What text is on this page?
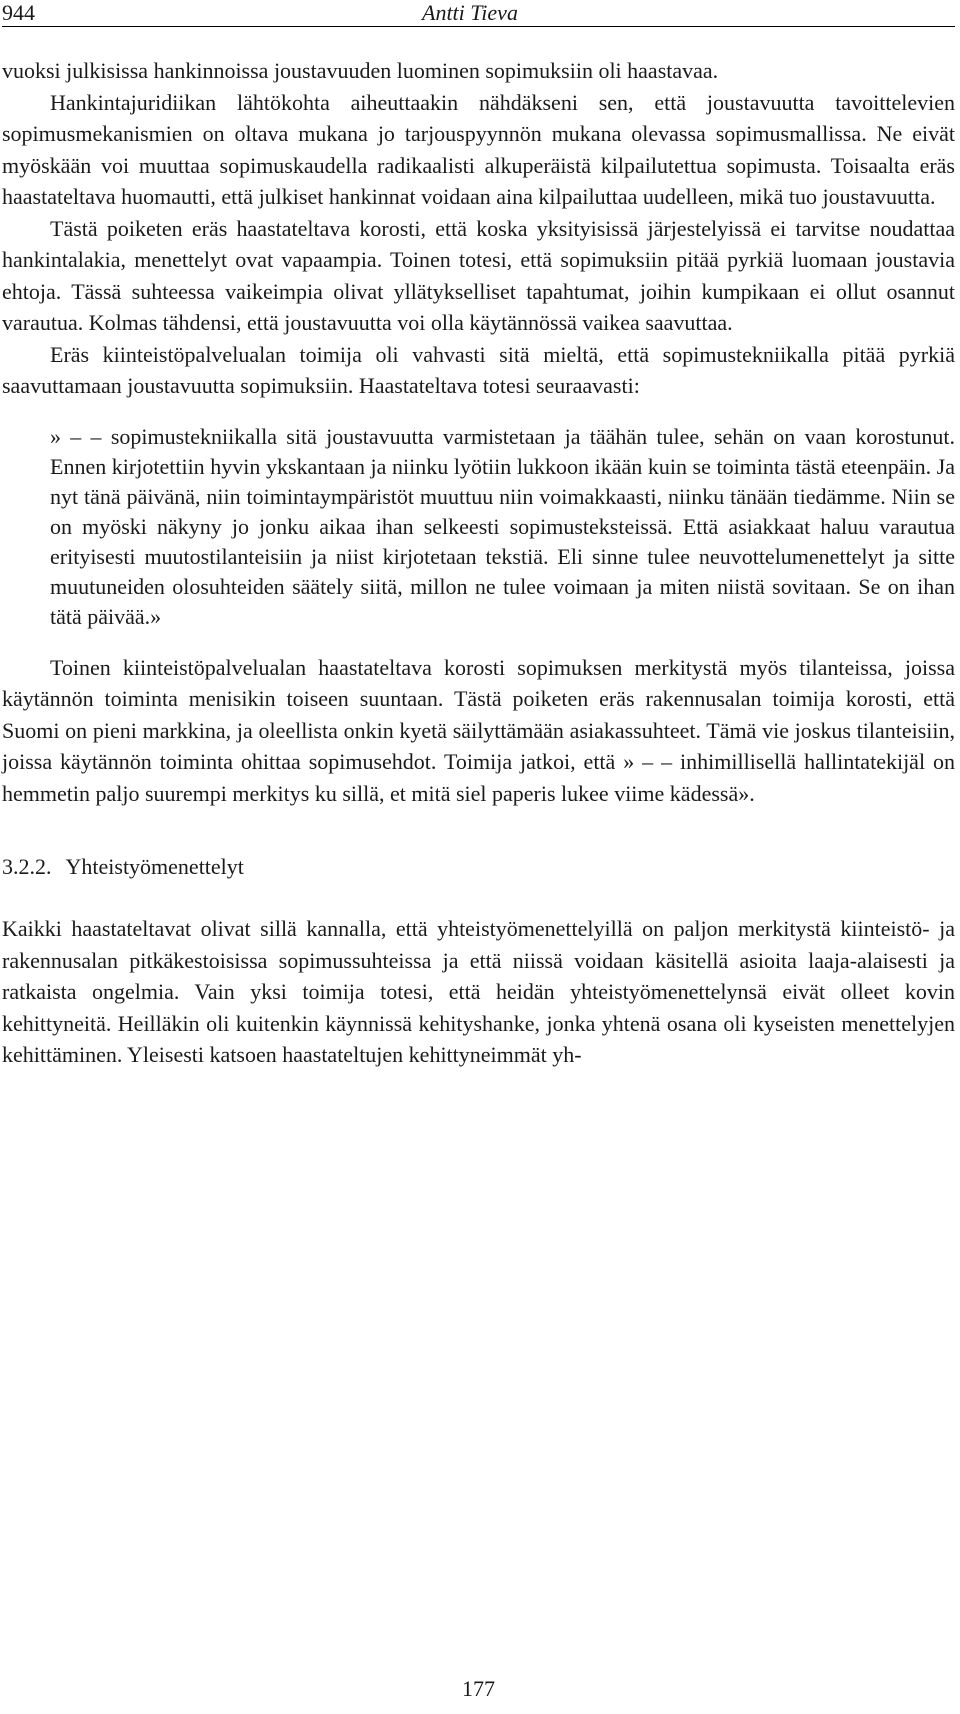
944	Antti Tieva

vuoksi julkisissa hankinnoissa joustavuuden luominen sopimuksiin oli haastavaa.

Hankintajuridiikan lähtökohta aiheuttaakin nähdäkseni sen, että joustavuutta tavoittelevien sopimusmekanismien on oltava mukana jo tarjouspyynnön mukana olevassa sopimusmallissa. Ne eivät myöskään voi muuttaa sopimuskaudella radikaalisti alkuperäistä kilpailutettua sopimusta. Toisaalta eräs haastateltava huomautti, että julkiset hankinnat voidaan aina kilpailuttaa uudelleen, mikä tuo joustavuutta.

Tästä poiketen eräs haastateltava korosti, että koska yksityisissä järjestelyissä ei tarvitse noudattaa hankintalakia, menettelyt ovat vapaampia. Toinen totesi, että sopimuksiin pitää pyrkiä luomaan joustavia ehtoja. Tässä suhteessa vaikeimpia olivat yllätykselliset tapahtumat, joihin kumpikaan ei ollut osannut varautua. Kolmas tähdensi, että joustavuutta voi olla käytännössä vaikea saavuttaa.

Eräs kiinteistöpalvelualan toimija oli vahvasti sitä mieltä, että sopimustekniikalla pitää pyrkiä saavuttamaan joustavuutta sopimuksiin. Haastateltava totesi seuraavasti:

» – – sopimustekniikalla sitä joustavuutta varmistetaan ja täähän tulee, sehän on vaan korostunut. Ennen kirjotettiin hyvin ykskantaan ja niinku lyötiin lukkoon ikään kuin se toiminta tästä eteenpäin. Ja nyt tänä päivänä, niin toimintaympäristöt muuttuu niin voimakkaasti, niinku tänään tiedämme. Niin se on myöski näkyny jo jonku aikaa ihan selkeesti sopimusteksteissä. Että asiakkaat haluu varautua erityisesti muutostilanteisiin ja niist kirjotetaan tekstiä. Eli sinne tulee neuvottelumenettelyt ja sitte muutuneiden olosuhteiden säätely siitä, millon ne tulee voimaan ja miten niistä sovitaan. Se on ihan tätä päivää.»

Toinen kiinteistöpalvelualan haastateltava korosti sopimuksen merkitystä myös tilanteissa, joissa käytännön toiminta menisikin toiseen suuntaan. Tästä poiketen eräs rakennusalan toimija korosti, että Suomi on pieni markkina, ja oleellista onkin kyetä säilyttämään asiakassuhteet. Tämä vie joskus tilanteisiin, joissa käytännön toiminta ohittaa sopimusehdot. Toimija jatkoi, että » – – inhimillisellä hallintatekijäl on hemmetin paljo suurempi merkitys ku sillä, et mitä siel paperis lukee viime kädessä».

3.2.2. Yhteistyömenettelyt

Kaikki haastateltavat olivat sillä kannalla, että yhteistyömenettelyillä on paljon merkitystä kiinteistö- ja rakennusalan pitkäkestoisissa sopimussuhteissa ja että niissä voidaan käsitellä asioita laaja-alaisesti ja ratkaista ongelmia. Vain yksi toimija totesi, että heidän yhteistyömenettelynsä eivät olleet kovin kehittyneitä. Heilläkin oli kuitenkin käynnissä kehityshanke, jonka yhtenä osana oli kyseisten menettelyjen kehittäminen. Yleisesti katsoen haastateltujen kehittyneimmät yh-

177
